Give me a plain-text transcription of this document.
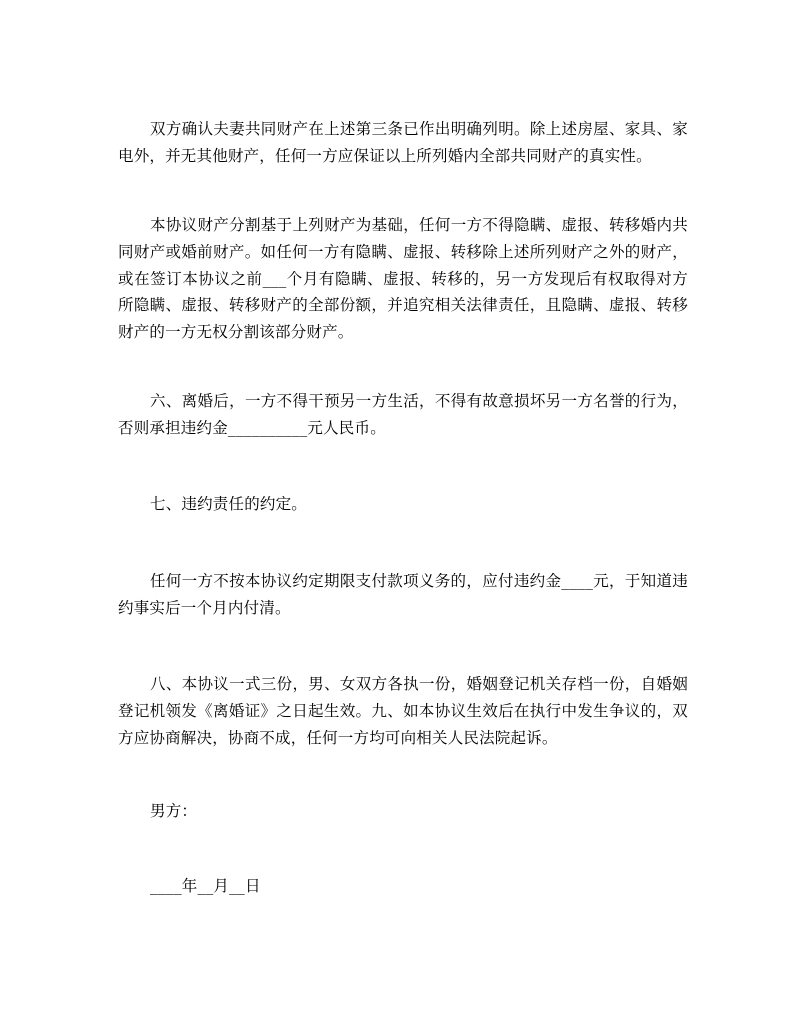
双方确认夫妻共同财产在上述第三条已作出明确列明。除上述房屋、家具、家电外，并无其他财产，任何一方应保证以上所列婚内全部共同财产的真实性。

本协议财产分割基于上列财产为基础，任何一方不得隐瞒、虚报、转移婚内共同财产或婚前财产。如任何一方有隐瞒、虚报、转移除上述所列财产之外的财产，或在签订本协议之前___个月有隐瞒、虚报、转移的，另一方发现后有权取得对方所隐瞒、虚报、转移财产的全部份额，并追究相关法律责任，且隐瞒、虚报、转移财产的一方无权分割该部分财产。

六、离婚后，一方不得干预另一方生活，不得有故意损坏另一方名誉的行为，否则承担违约金__________元人民币。

七、违约责任的约定。

任何一方不按本协议约定期限支付款项义务的，应付违约金____元，于知道违约事实后一个月内付清。

八、本协议一式三份，男、女双方各执一份，婚姻登记机关存档一份，自婚姻登记机领发《离婚证》之日起生效。九、如本协议生效后在执行中发生争议的，双方应协商解决，协商不成，任何一方均可向相关人民法院起诉。

男方：

____年__月__日
